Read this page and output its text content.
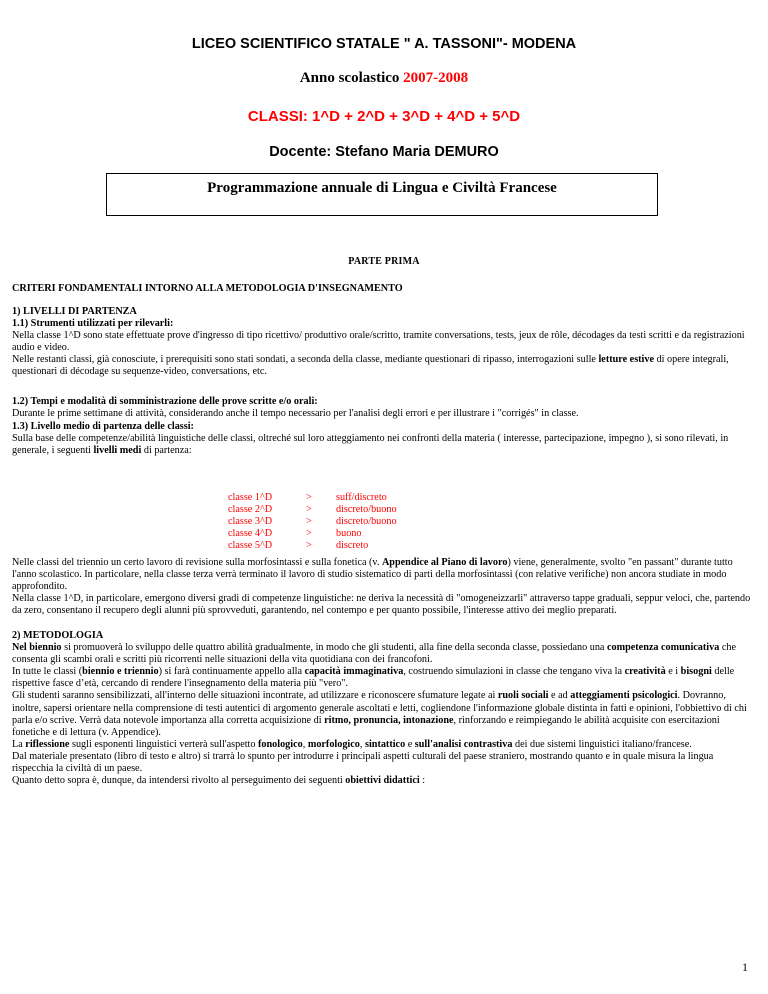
LICEO SCIENTIFICO STATALE " A. TASSONI"- MODENA
Anno scolastico 2007-2008
CLASSI: 1^D + 2^D + 3^D + 4^D + 5^D
Docente: Stefano Maria DEMURO
Programmazione annuale di Lingua e Civiltà Francese
PARTE PRIMA
CRITERI FONDAMENTALI INTORNO ALLA METODOLOGIA D'INSEGNAMENTO

1) LIVELLI DI PARTENZA

1.1) Strumenti utilizzati per rilevarli:

Nella classe 1^D sono state effettuate prove d'ingresso di tipo ricettivo/ produttivo orale/scritto, tramite conversations, tests, jeux de rôle, décodages da testi scritti e da registrazioni audio e video.

Nelle restanti classi, già conosciute, i prerequisiti sono stati sondati, a seconda della classe, mediante questionari di ripasso, interrogazioni sulle letture estive di opere integrali, questionari di décodage su sequenze-video, conversations, etc.

1.2) Tempi e modalità di somministrazione delle prove scritte e/o orali:

Durante le prime settimane di attività, considerando anche il tempo necessario per l'analisi degli errori e per illustrare i "corrigés" in classe.

1.3) Livello medio di partenza delle classi:

Sulla base delle competenze/abilità linguistiche delle classi, oltreché sul loro atteggiamento nei confronti della materia ( interesse, partecipazione, impegno ), si sono rilevati, in generale, i seguenti livelli medi di partenza:

classe 1^D	>	suff/discreto
classe 2^D	>	discreto/buono
classe 3^D	>	discreto/buono
classe 4^D	>	buono
classe 5^D	>	discreto

Nelle classi del triennio un certo lavoro di revisione sulla morfosintassi e sulla fonetica (v. Appendice al Piano di lavoro) viene, generalmente, svolto "en passant" durante tutto l'anno scolastico. In particolare, nella classe terza verrà terminato il lavoro di studio sistematico di parti della morfosintassi (con relative verifiche) non ancora studiate in modo approfondito.

Nella classe 1^D, in particolare, emergono diversi gradi di competenze linguistiche: ne deriva la necessità di "omogeneizzarli" attraverso tappe graduali, seppur veloci, che, partendo da zero, consentano il recupero degli alunni più sprovveduti, garantendo, nel contempo e per quanto possibile, l'interesse attivo dei meglio preparati.

2) METODOLOGIA

Nel biennio si promuoverà lo sviluppo delle quattro abilità gradualmente, in modo che gli studenti, alla fine della seconda classe, possiedano una competenza comunicativa che consenta gli scambi orali e scritti più ricorrenti nelle situazioni della vita quotidiana con dei francofoni.

In tutte le classi (biennio e triennio) si farà continuamente appello alla capacità immaginativa, costruendo simulazioni in classe che tengano viva la creatività e i bisogni delle rispettive fasce d’età, cercando di rendere l'insegnamento della materia più "vero".

Gli studenti saranno sensibilizzati, all'interno delle situazioni incontrate, ad utilizzare e riconoscere sfumature legate ai ruoli sociali e ad atteggiamenti psicologici. Dovranno, inoltre, sapersi orientare nella comprensione di testi autentici di argomento generale ascoltati e letti, cogliendone l'informazione globale distinta in fatti e opinioni, l'obbiettivo di chi parla e/o scrive. Verrà data notevole importanza alla corretta acquisizione di ritmo, pronuncia, intonazione, rinforzando e reimpiegando le abilità acquisite con esercitazioni fonetiche e di lettura (v. Appendice).

La riflessione sugli esponenti linguistici verterà sull'aspetto fonologico, morfologico, sintattico e sull'analisi contrastiva dei due sistemi linguistici italiano/francese.

Dal materiale presentato (libro di testo e altro) si trarrà lo spunto per introdurre i principali aspetti culturali del paese straniero, mostrando quanto e in quale misura la lingua rispecchia la civiltà di un paese.

Quanto detto sopra è, dunque, da intendersi rivolto al perseguimento dei seguenti obiettivi didattici :

1
